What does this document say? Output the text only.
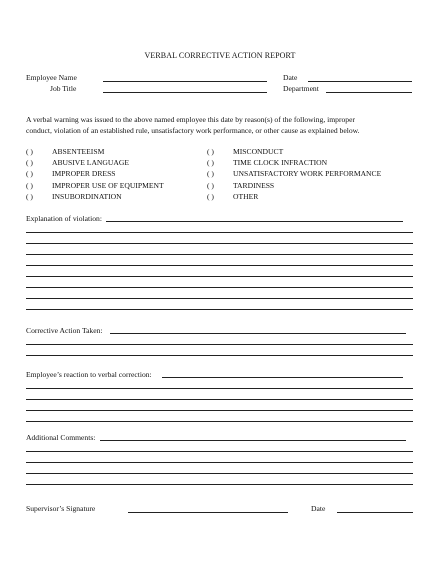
VERBAL CORRECTIVE ACTION REPORT
Employee Name	Date
Job Title	Department
A verbal warning was issued to the above named employee this date by reason(s) of the following, improper
conduct, violation of an established rule, unsatisfactory work performance, or other cause as explained below.
( )	ABSENTEEISM
( )	ABUSIVE LANGUAGE
( )	IMPROPER DRESS
( )	IMPROPER USE OF EQUIPMENT
( )	INSUBORDINATION
( )	MISCONDUCT
( )	TIME CLOCK INFRACTION
( )	UNSATISFACTORY WORK PERFORMANCE
( )	TARDINESS
( )	OTHER
Explanation of violation:
Corrective Action Taken:
Employee’s reaction to verbal correction:
Additional Comments:
Supervisor’s Signature	Date
